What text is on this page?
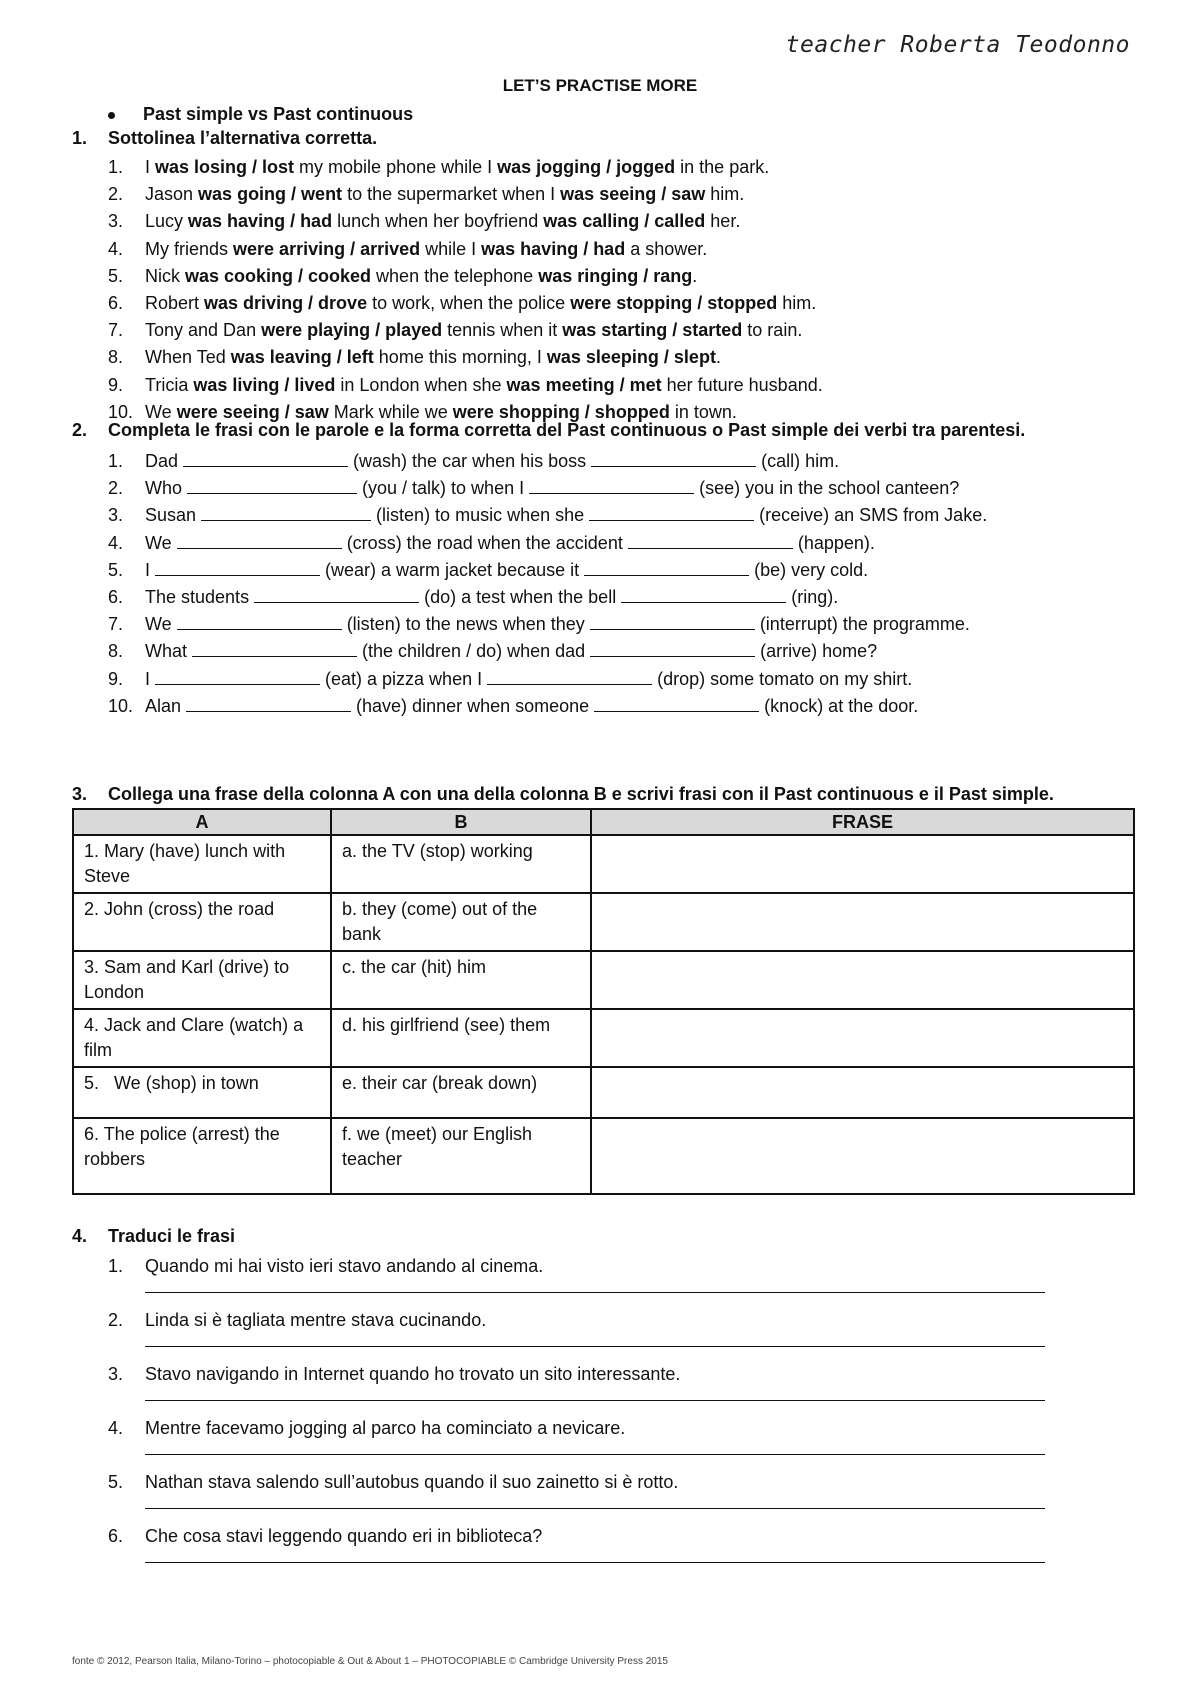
teacher Roberta Teodonno
LET’S PRACTISE MORE
Past simple vs Past continuous
1. Sottolinea l’alternativa corretta.
1. I was losing / lost my mobile phone while I was jogging / jogged in the park.
2. Jason was going / went to the supermarket when I was seeing / saw him.
3. Lucy was having / had lunch when her boyfriend was calling / called her.
4. My friends were arriving / arrived while I was having / had a shower.
5. Nick was cooking / cooked when the telephone was ringing / rang.
6. Robert was driving / drove to work, when the police were stopping / stopped him.
7. Tony and Dan were playing / played tennis when it was starting / started to rain.
8. When Ted was leaving / left home this morning, I was sleeping / slept.
9. Tricia was living / lived in London when she was meeting / met her future husband.
10. We were seeing / saw Mark while we were shopping / shopped in town.
2. Completa le frasi con le parole e la forma corretta del Past continuous o Past simple dei verbi tra parentesi.
1. Dad	(wash) the car when his boss	(call) him.
2. Who	(you / talk) to when I	(see) you in the school canteen?
3. Susan	(listen) to music when she	(receive) an SMS from Jake.
4. We	(cross) the road when the accident	(happen).
5. I	(wear) a warm jacket because it	(be) very cold.
6. The students	(do) a test when the bell	(ring).
7. We	(listen) to the news when they	(interrupt) the programme.
8. What	(the children / do) when dad	(arrive) home?
9. I	(eat) a pizza when I	(drop) some tomato on my shirt.
10. Alan	(have) dinner when someone	(knock) at the door.
3. Collega una frase della colonna A con una della colonna B e scrivi frasi con il Past continuous e il Past simple.
A	B	FRASE
1. Mary (have) lunch with Steve	a. the TV (stop) working	
2. John (cross) the road	b. they (come) out of the bank	
3. Sam and Karl (drive) to London	c. the car (hit) him	
4. Jack and Clare (watch) a film	d. his girlfriend (see) them	
5.   We (shop) in town	e. their car (break down)	
6. The police (arrest) the robbers	f. we (meet) our English teacher	
4. Traduci le frasi
1. Quando mi hai visto ieri stavo andando al cinema.
2. Linda si è tagliata mentre stava cucinando.
3. Stavo navigando in Internet quando ho trovato un sito interessante.
4. Mentre facevamo jogging al parco ha cominciato a nevicare.
5. Nathan stava salendo sull’autobus quando il suo zainetto si è rotto.
6. Che cosa stavi leggendo quando eri in biblioteca?
fonte © 2012, Pearson Italia, Milano-Torino – photocopiable & Out & About 1 – PHOTOCOPIABLE © Cambridge University Press 2015
